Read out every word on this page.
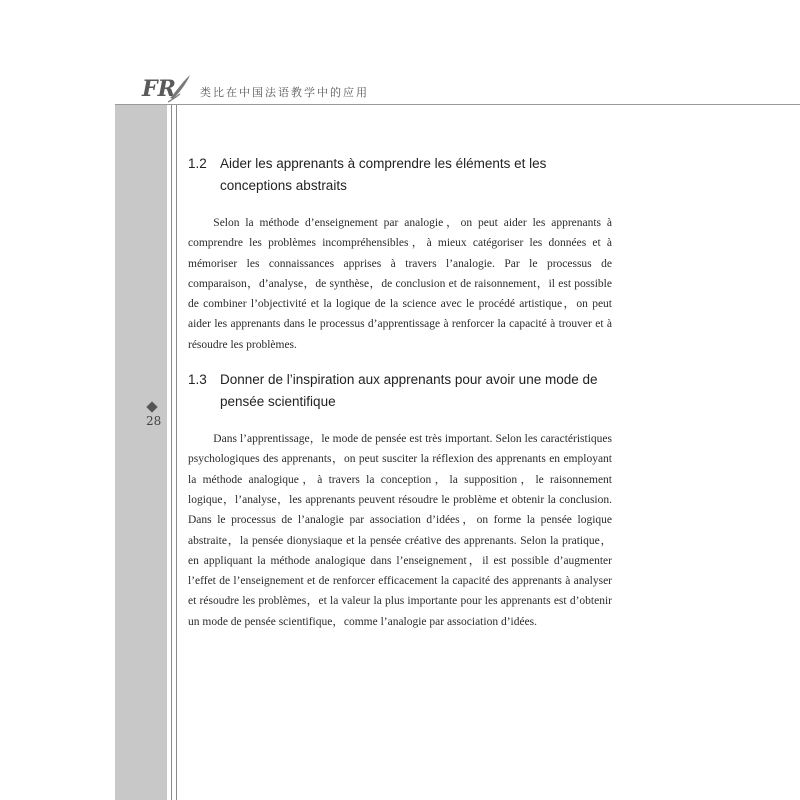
FR 类比在中国法语教学中的应用
28
1.2 Aider les apprenants à comprendre les éléments et les conceptions abstraits

Selon la méthode d’enseignement par analogie，on peut aider les apprenants à comprendre les problèmes incompréhensibles，à mieux catégoriser les données et à mémoriser les connaissances apprises à travers l’analogie. Par le processus de comparaison，d’analyse，de synthèse，de conclusion et de raisonnement，il est possible de combiner l’objectivité et la logique de la science avec le procédé artistique，on peut aider les apprenants dans le processus d’apprentissage à renforcer la capacité à trouver et à résoudre les problèmes.

1.3 Donner de l’inspiration aux apprenants pour avoir une mode de pensée scientifique

Dans l’apprentissage，le mode de pensée est très important. Selon les caractéristiques psychologiques des apprenants，on peut susciter la réflexion des apprenants en employant la méthode analogique，à travers la conception，la supposition，le raisonnement logique，l’analyse，les apprenants peuvent résoudre le problème et obtenir la conclusion. Dans le processus de l’analogie par association d’idées，on forme la pensée logique abstraite，la pensée dionysiaque et la pensée créative des apprenants. Selon la pratique，en appliquant la méthode analogique dans l’enseignement，il est possible d’augmenter l’effet de l’enseignement et de renforcer efficacement la capacité des apprenants à analyser et résoudre les problèmes，et la valeur la plus importante pour les apprenants est d’obtenir un mode de pensée scientifique，comme l’analogie par association d’idées.
